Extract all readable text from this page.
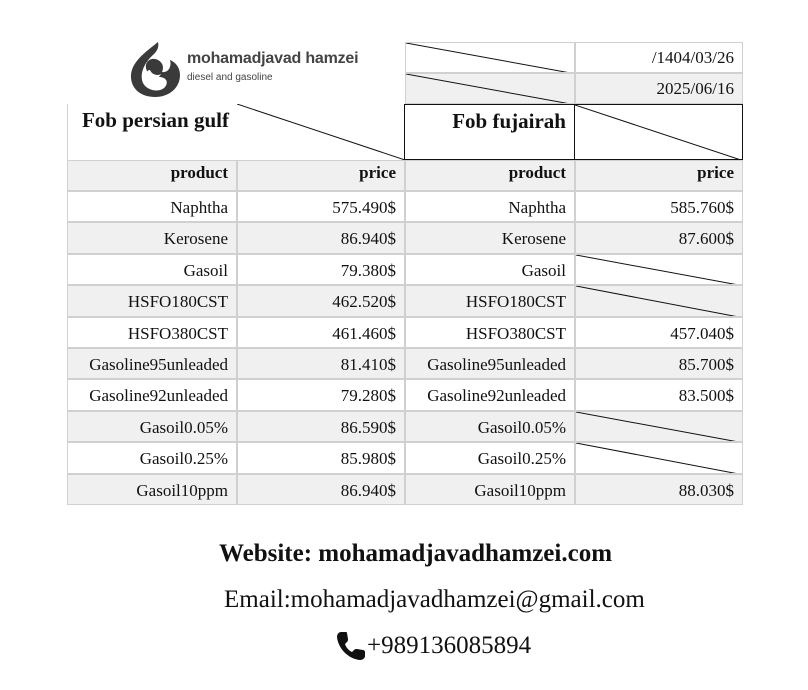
mohamadjavad hamzei
diesel and gasoline
/1404/03/26
2025/06/16
Fob persian gulf	Fob fujairah
product	price	product	price
Naphtha	575.490$	Naphtha	585.760$
Kerosene	86.940$	Kerosene	87.600$
Gasoil	79.380$	Gasoil
HSFO180CST	462.520$	HSFO180CST
HSFO380CST	461.460$	HSFO380CST	457.040$
Gasoline95unleaded	81.410$	Gasoline95unleaded	85.700$
Gasoline92unleaded	79.280$	Gasoline92unleaded	83.500$
Gasoil0.05%	86.590$	Gasoil0.05%
Gasoil0.25%	85.980$	Gasoil0.25%
Gasoil10ppm	86.940$	Gasoil10ppm	88.030$
Website: mohamadjavadhamzei.com
Email:mohamadjavadhamzei@gmail.com
+989136085894
